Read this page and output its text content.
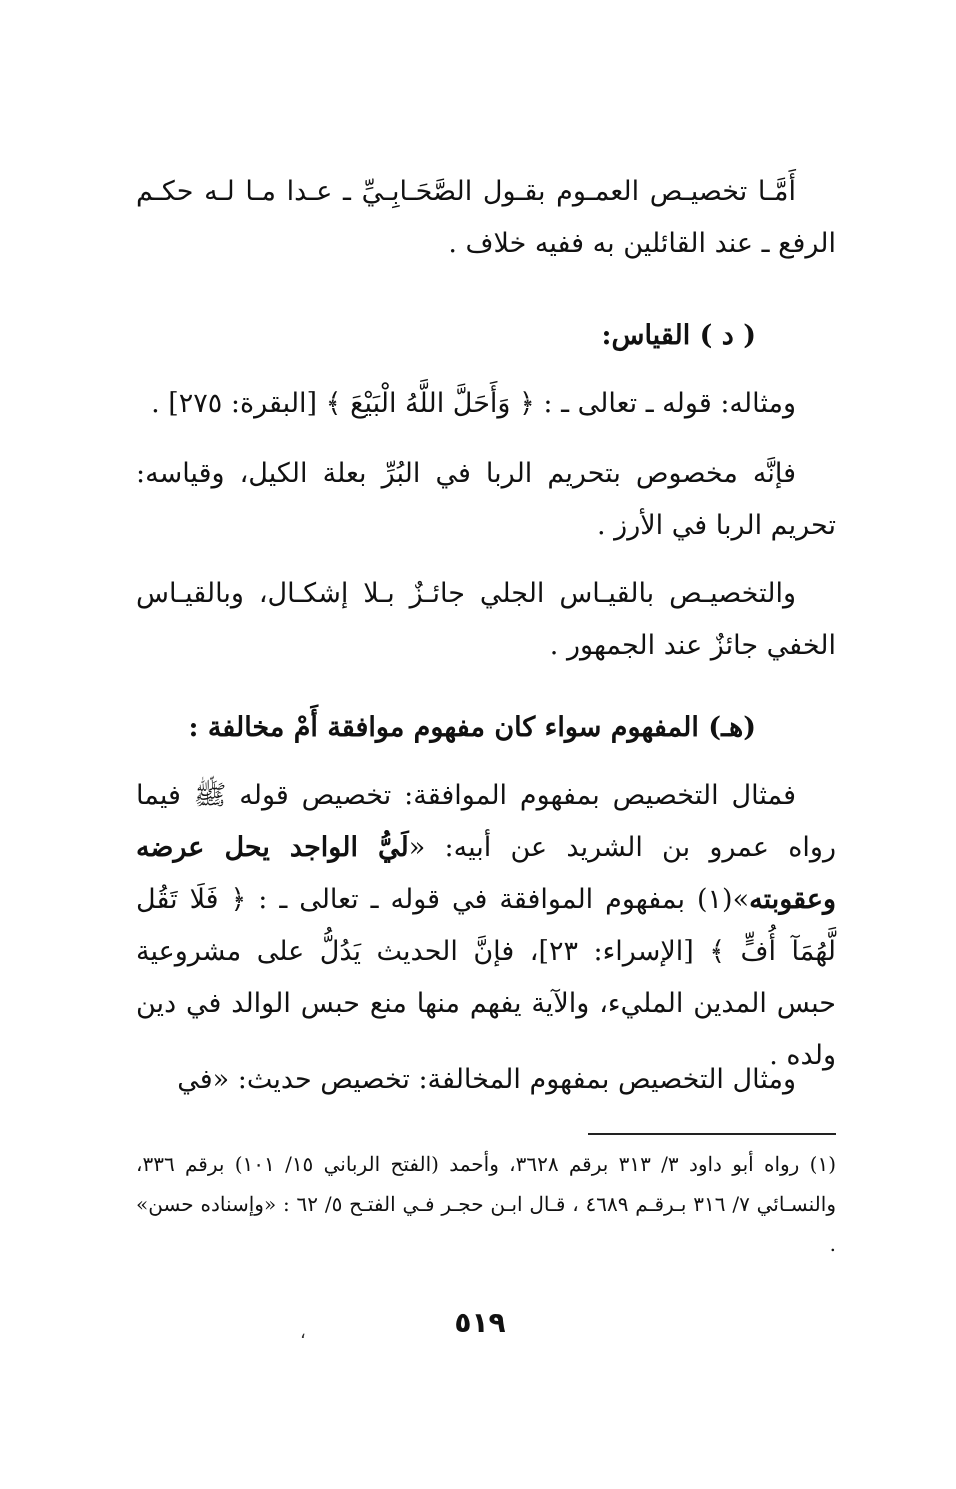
أَمَّـا تخصيـص العمـوم بقـول الصَّحَـابِـيِّ ـ عـدا مـا لـه حكـم الرفع ـ عند القائلين به ففيه خلاف .
( د ) القياس:
ومثاله: قوله ـ تعالى ـ : ﴿ وَأَحَلَّ اللَّهُ الْبَيْعَ ﴾ [البقرة: ٢٧٥] .
فإنَّه مخصوص بتحريم الربا في البُرِّ بعلة الكيل، وقياسه: تحريم الربا في الأرز .
والتخصيـص بالقيـاس الجلي جائـزٌ بـلا إشكـال، وبالقيـاس الخفي جائزٌ عند الجمهور .
(هـ) المفهوم سواء كان مفهوم موافقة أَمْ مخالفة :
فمثال التخصيص بمفهوم الموافقة: تخصيص قوله ﷺ فيما رواه عمرو بن الشريد عن أبيه: «لَيُّ الواجد يحل عرضه وعقوبته»(١) بمفهوم الموافقة في قوله ـ تعالى ـ : ﴿ فَلَا تَقُل لَّهُمَآ أُفٍّ ﴾ [الإسراء: ٢٣]، فإنَّ الحديث يَدُلُّ على مشروعية حبس المدين المليء، والآية يفهم منها منع حبس الوالد في دين ولده .
ومثال التخصيص بمفهوم المخالفة: تخصيص حديث: «في
(١) رواه أبو داود ٣/ ٣١٣ برقم ٣٦٢٨، وأحمد (الفتح الرباني ١٥/ ١٠١) برقم ٣٣٦، والنسـائي ٧/ ٣١٦ بـرقـم ٤٦٨٩ ، قـال ابـن حجـر فـي الفتـح ٥/ ٦٢ : «وإسناده حسن» .
٥١٩
،
